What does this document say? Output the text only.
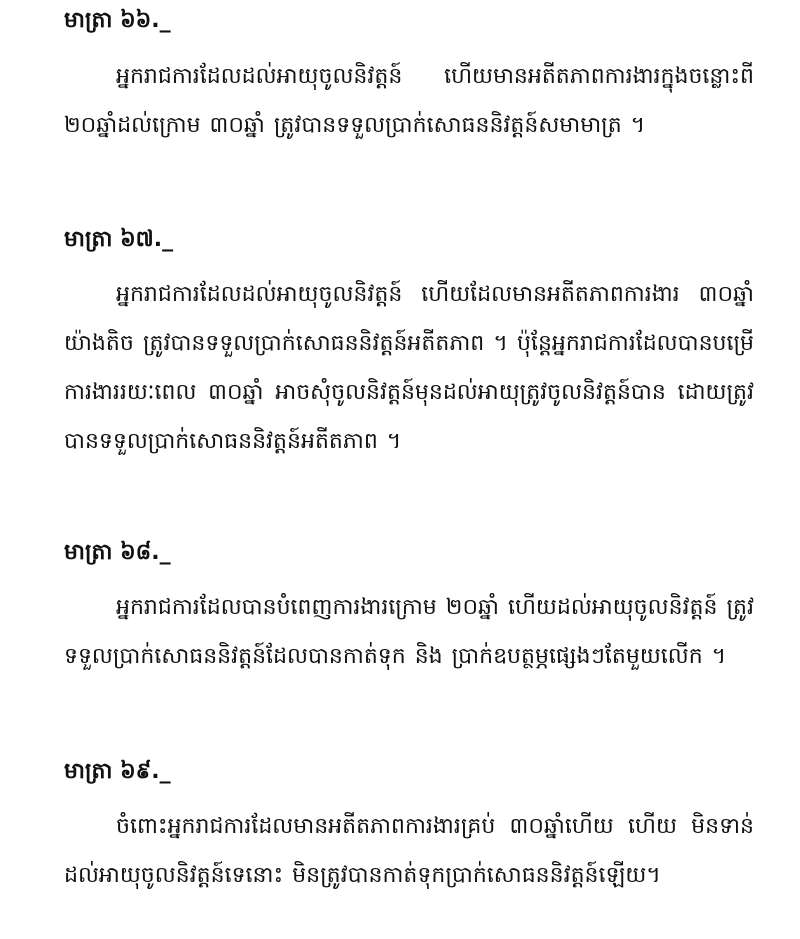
មាត្រា ៦៦._
អ្នករាជការដែលដល់អាយុចូលនិវត្តន៍ ហើយមានអតីតភាពការងារក្នុងចន្លោះពី ២០ឆ្នាំដល់ក្រោម ៣០ឆ្នាំ ត្រូវបានទទួលប្រាក់សោធននិវត្តន៍សមាមាត្រ ។
មាត្រា ៦៧._
អ្នករាជការដែលដល់អាយុចូលនិវត្តន៍ ហើយដែលមានអតីតភាពការងារ ៣០ឆ្នាំយ៉ាងតិច ត្រូវបានទទួលប្រាក់សោធននិវត្តន៍អតីតភាព ។ ប៉ុន្តែអ្នករាជការដែលបានបម្រើការងាររយៈពេល ៣០ឆ្នាំ អាចសុំចូលនិវត្តន៍មុនដល់អាយុត្រូវចូលនិវត្តន៍បាន ដោយត្រូវបានទទួលប្រាក់សោធននិវត្តន៍អតីតភាព ។
មាត្រា ៦៨._
អ្នករាជការដែលបានបំពេញការងារក្រោម ២០ឆ្នាំ ហើយដល់អាយុចូលនិវត្តន៍ ត្រូវទទួលប្រាក់សោធននិវត្តន៍ដែលបានកាត់ទុក និង ប្រាក់ឧបត្ថម្ភផ្សេងៗតែមួយលើក ។
មាត្រា ៦៩._
ចំពោះអ្នករាជការដែលមានអតីតភាពការងារគ្រប់ ៣០ឆ្នាំហើយ ហើយ មិនទាន់ដល់អាយុចូលនិវត្តន៍ទេនោះ មិនត្រូវបានកាត់ទុកប្រាក់សោធននិវត្តន៍ឡើយ។
